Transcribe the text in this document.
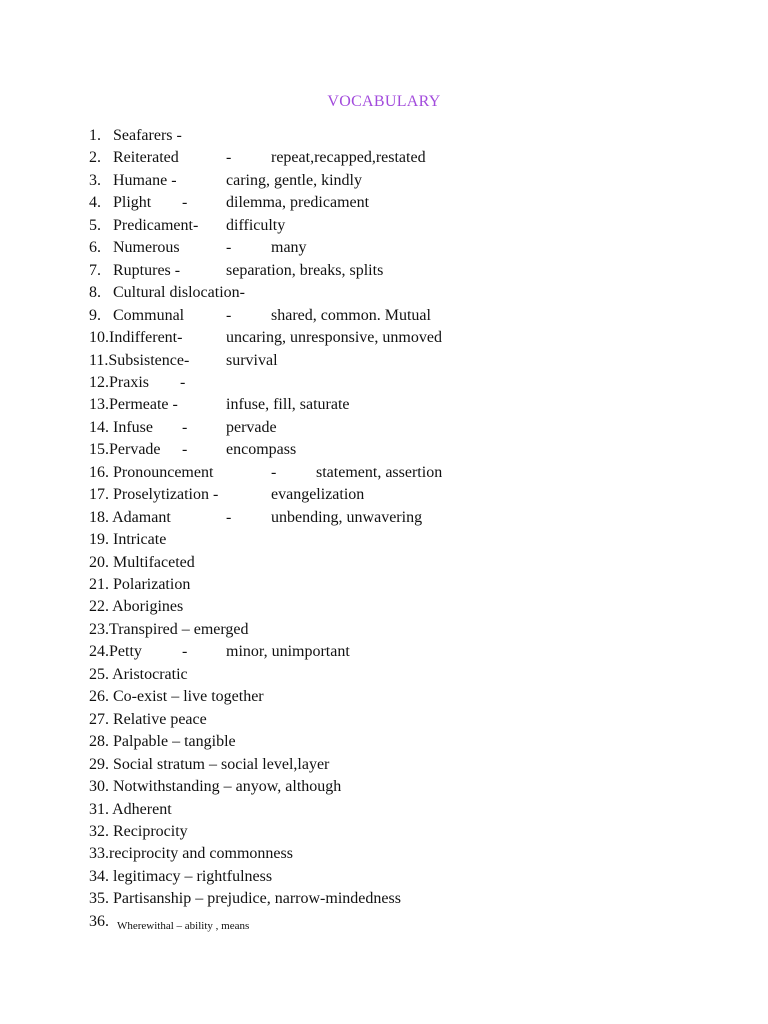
VOCABULARY
1. Seafarers -
2. Reiterated	- repeat,recapped,restated
3. Humane -	caring, gentle, kindly
4. Plight - dilemma, predicament
5. Predicament- difficulty
6. Numerous	- many
7. Ruptures -	separation, breaks, splits
8. Cultural dislocation-
9. Communal	- shared, common. Mutual
10.Indifferent-	uncaring, unresponsive, unmoved
11.Subsistence- survival
12.Praxis -
13.Permeate -	infuse, fill, saturate
14. Infuse - pervade
15.Pervade - encompass
16. Pronouncement	- statement, assertion
17. Proselytization -	evangelization
18. Adamant	- unbending, unwavering
19. Intricate
20. Multifaceted
21. Polarization
22. Aborigines
23.Transpired – emerged
24.Petty	- minor, unimportant
25. Aristocratic
26. Co-exist – live together
27. Relative peace
28. Palpable – tangible
29. Social stratum – social level,layer
30. Notwithstanding – anyow, although
31. Adherent
32. Reciprocity
33.reciprocity and commonness
34. legitimacy – rightfulness
35. Partisanship – prejudice, narrow-mindedness
36. Wherewithal – ability , means
